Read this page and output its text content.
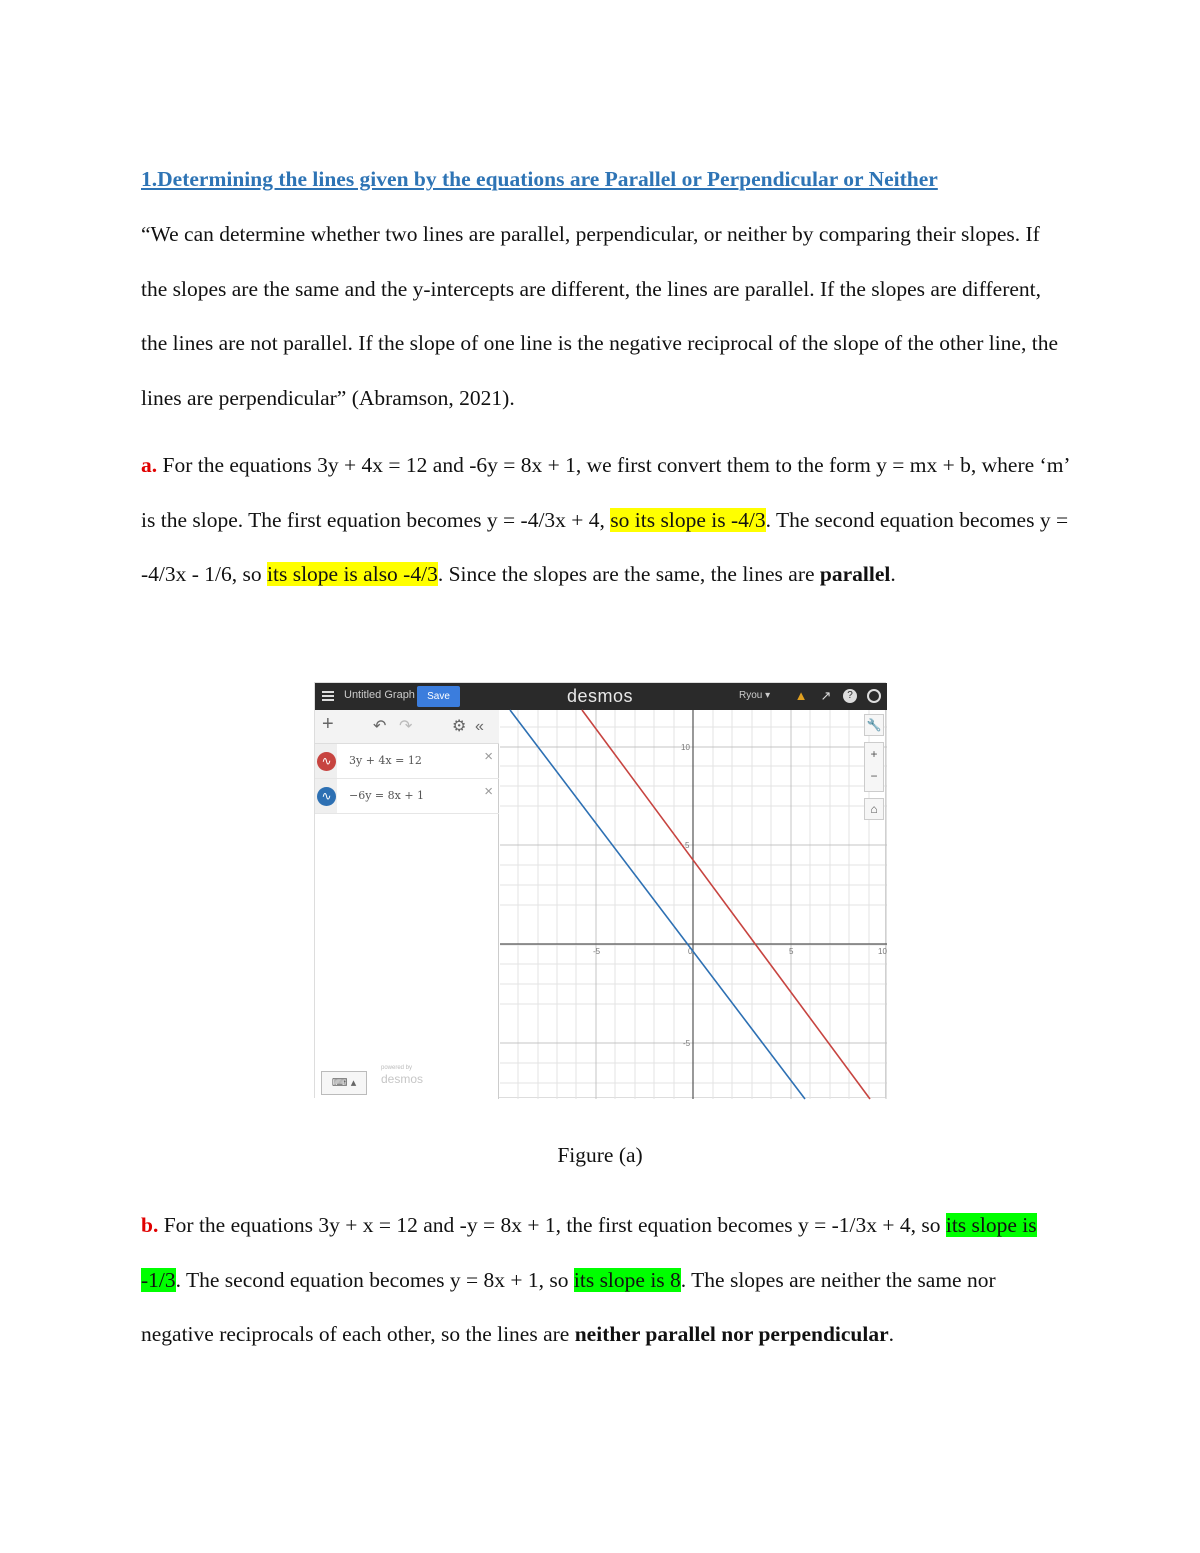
1.Determining the lines given by the equations are Parallel or Perpendicular or Neither
“We can determine whether two lines are parallel, perpendicular, or neither by comparing their slopes. If the slopes are the same and the y-intercepts are different, the lines are parallel. If the slopes are different, the lines are not parallel. If the slope of one line is the negative reciprocal of the slope of the other line, the lines are perpendicular” (Abramson, 2021).
a. For the equations 3y + 4x = 12 and -6y = 8x + 1, we first convert them to the form y = mx + b, where ‘m’ is the slope. The first equation becomes y = -4/3x + 4, so its slope is -4/3. The second equation becomes y = -4/3x - 1/6, so its slope is also -4/3. Since the slopes are the same, the lines are parallel.
Untitled Graph	Save	desmos	Ryou ▾ ▲ ↗	?
+ ↶ ↷ ⚙ «
∿	3y + 4x = 12	×
∿	−6y = 8x + 1	×
⌨ ▴
powered by
desmos
10
5
-5	0	5	10
-5
🔧
+
−
⌂
Figure (a)
b. For the equations 3y + x = 12 and -y = 8x + 1, the first equation becomes y = -1/3x + 4, so its slope is -1/3. The second equation becomes y = 8x + 1, so its slope is 8. The slopes are neither the same nor negative reciprocals of each other, so the lines are neither parallel nor perpendicular.
